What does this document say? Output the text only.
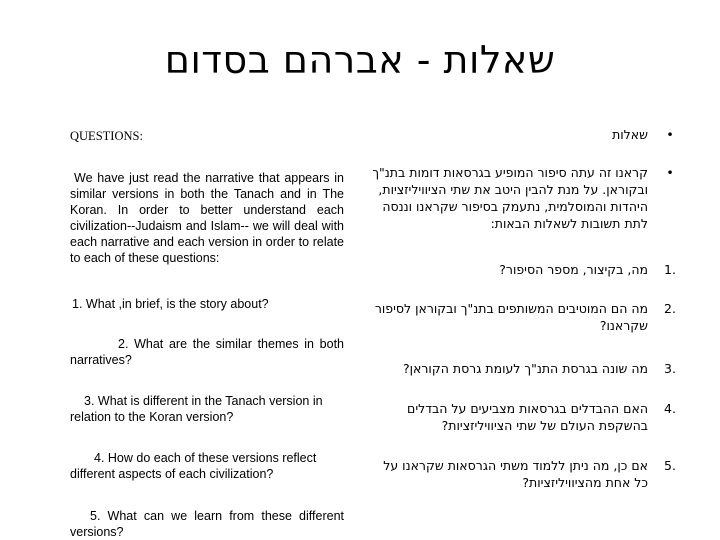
שאלות - אברהם בסדום
•
שאלות
•
קראנו זה עתה סיפור המופיע בגרסאות דומות בתנ"ך ובקוראן. על מנת להבין היטב את שתי הציוויליזציות, היהדות והמוסלמית, נתעמק בסיפור שקראנו וננסה לתת תשובות לשאלות הבאות:
1.
מה, בקיצור, מספר הסיפור?
2.
מה הם המוטיבים המשותפים בתנ"ך ובקוראן לסיפור שקראנו?
3.
מה שונה בגרסת התנ"ך לעומת גרסת הקוראן?
4.
האם ההבדלים בגרסאות מצביעים על הבדלים בהשקפת העולם של שתי הציוויליזציות?
5.
אם כן, מה ניתן ללמוד משתי הגרסאות שקראנו על כל אחת מהציוויליזציות?
QUESTIONS:
We have just read the narrative that appears in similar versions in both the Tanach and in The Koran. In order to better understand each civilization--Judaism and Islam-- we will deal with each narrative and each version in order to relate to each of these questions:
1. What ,in brief, is the story about?
2. What are the similar themes in both narratives?
3. What is different in the Tanach version in relation to the Koran version?
4. How do each of these versions reflect different aspects of each civilization?
5. What can we learn from these different versions?
